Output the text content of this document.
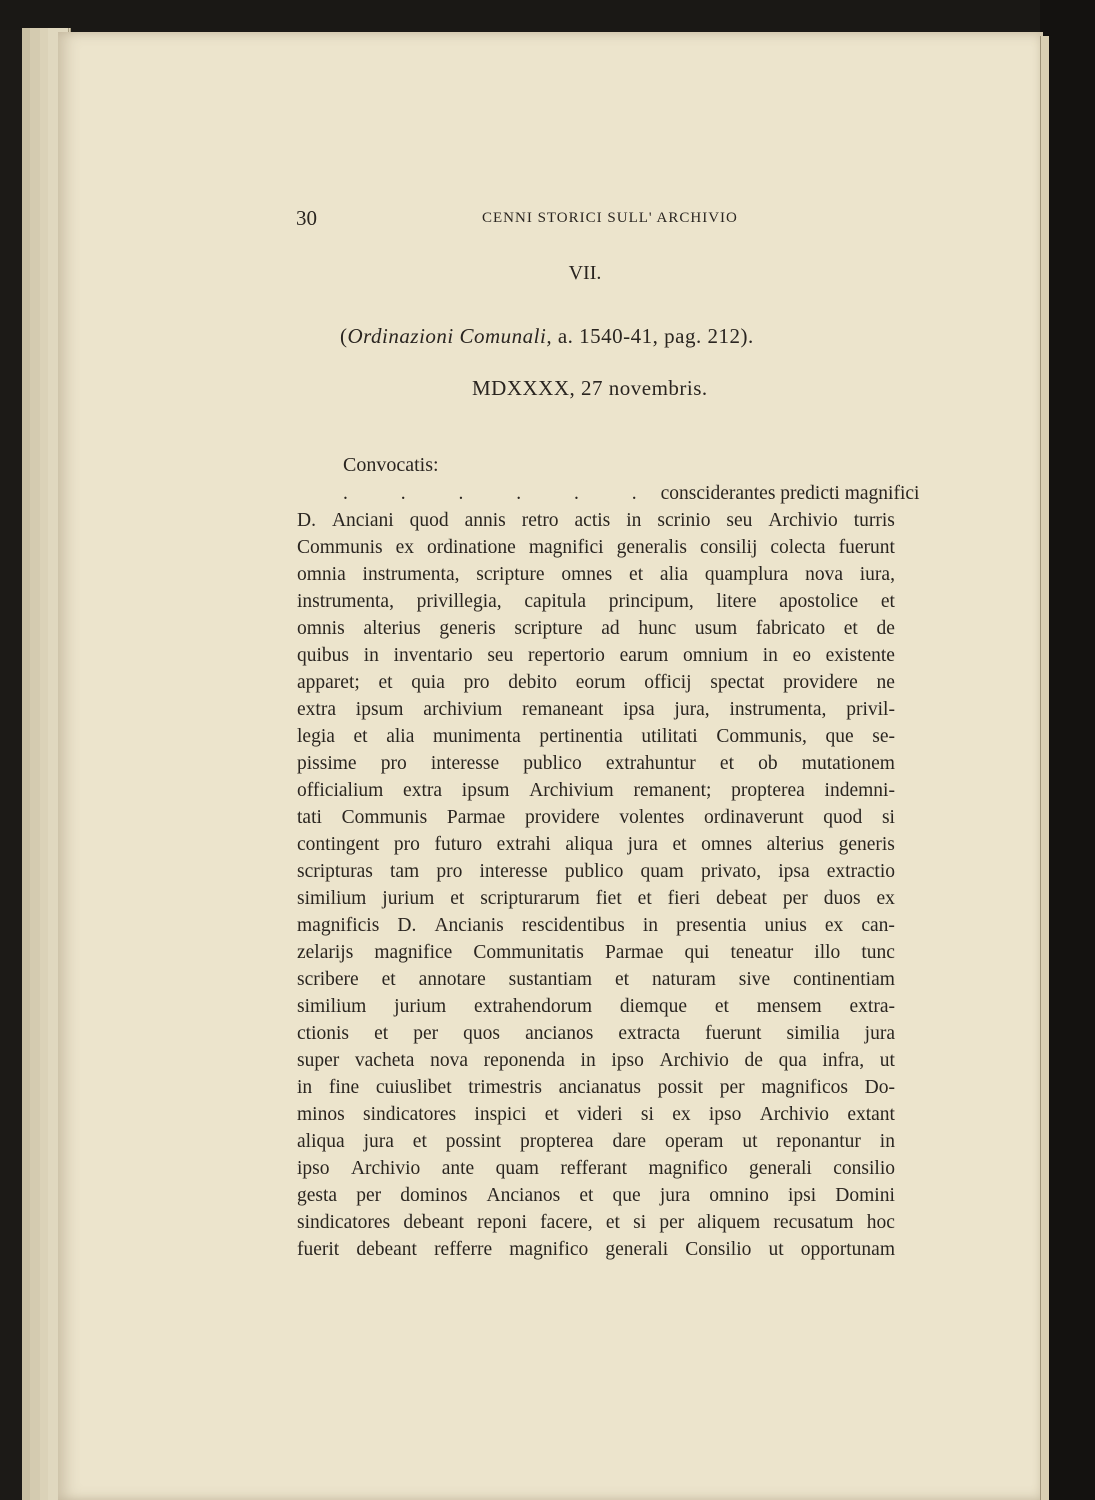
30	CENNI STORICI SULL' ARCHIVIO
VII.
(Ordinazioni Comunali, a. 1540-41, pag. 212).
MDXXXX, 27 novembris.
Convocatis:
. . . . . . consciderantes predicti magnifici
D. Anciani quod annis retro actis in scrinio seu Archivio turris
Communis ex ordinatione magnifici generalis consilij colecta fuerunt
omnia instrumenta, scripture omnes et alia quamplura nova iura,
instrumenta, privillegia, capitula principum, litere apostolice et
omnis alterius generis scripture ad hunc usum fabricato et de
quibus in inventario seu repertorio earum omnium in eo existente
apparet; et quia pro debito eorum officij spectat providere ne
extra ipsum archivium remaneant ipsa jura, instrumenta, privil-
legia et alia munimenta pertinentia utilitati Communis, que se-
pissime pro interesse publico extrahuntur et ob mutationem
officialium extra ipsum Archivium remanent; propterea indemni-
tati Communis Parmae providere volentes ordinaverunt quod si
contingent pro futuro extrahi aliqua jura et omnes alterius generis
scripturas tam pro interesse publico quam privato, ipsa extractio
similium jurium et scripturarum fiet et fieri debeat per duos ex
magnificis D. Ancianis rescidentibus in presentia unius ex can-
zelarijs magnifice Communitatis Parmae qui teneatur illo tunc
scribere et annotare sustantiam et naturam sive continentiam
similium jurium extrahendorum diemque et mensem extra-
ctionis et per quos ancianos extracta fuerunt similia jura
super vacheta nova reponenda in ipso Archivio de qua infra, ut
in fine cuiuslibet trimestris ancianatus possit per magnificos Do-
minos sindicatores inspici et videri si ex ipso Archivio extant
aliqua jura et possint propterea dare operam ut reponantur in
ipso Archivio ante quam refferant magnifico generali consilio
gesta per dominos Ancianos et que jura omnino ipsi Domini
sindicatores debeant reponi facere, et si per aliquem recusatum hoc
fuerit debeant refferre magnifico generali Consilio ut opportunam
